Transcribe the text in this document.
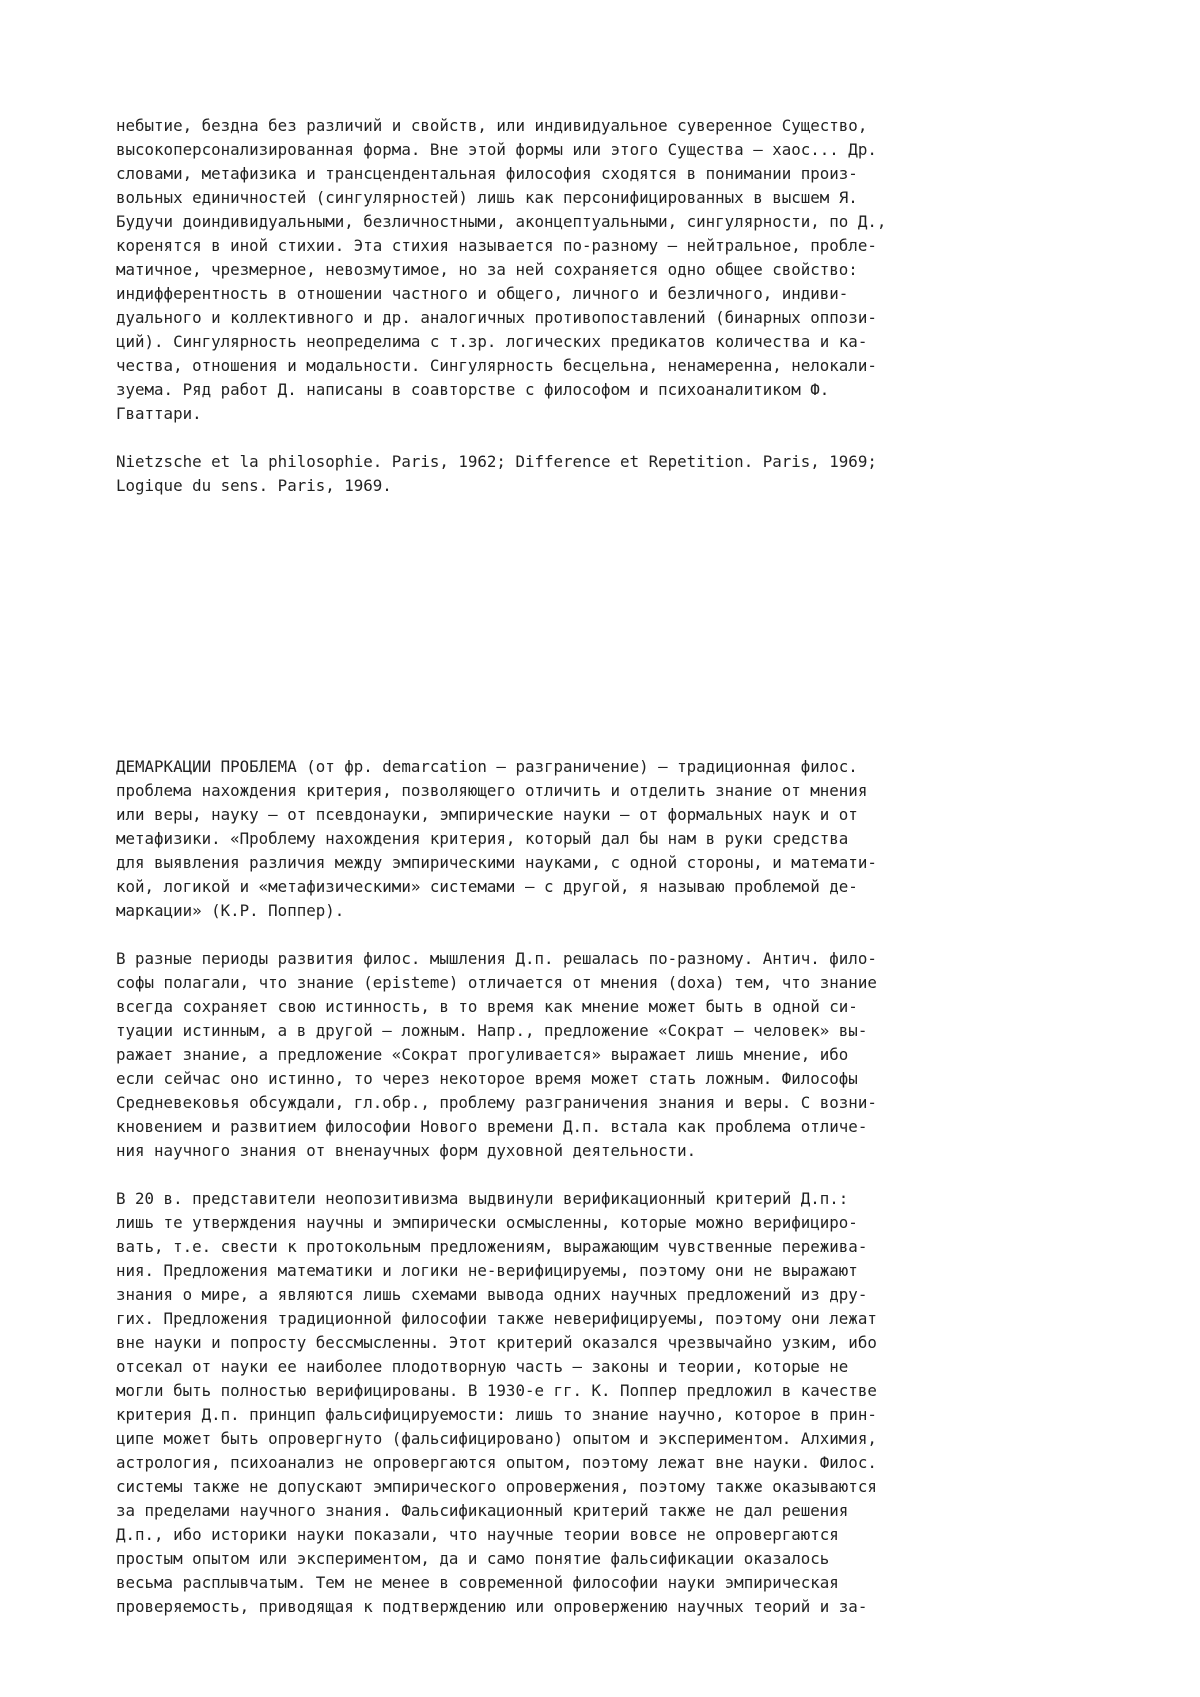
небытие, бездна без различий и свойств, или индивидуальное суверенное Существо,
высокоперсонализированная форма. Вне этой формы или этого Существа — хаос... Др.
словами, метафизика и трансцендентальная философия сходятся в понимании произ-
вольных единичностей (сингулярностей) лишь как персонифицированных в высшем Я.
Будучи доиндивидуальными, безличностными, аконцептуальными, сингулярности, по Д.,
коренятся в иной стихии. Эта стихия называется по-разному — нейтральное, пробле-
матичное, чрезмерное, невозмутимое, но за ней сохраняется одно общее свойство:
индифферентность в отношении частного и общего, личного и безличного, индиви-
дуального и коллективного и др. аналогичных противопоставлений (бинарных оппози-
ций). Сингулярность неопределима с т.зр. логических предикатов количества и ка-
чества, отношения и модальности. Сингулярность бесцельна, ненамеренна, нелокали-
зуема. Ряд работ Д. написаны в соавторстве с философом и психоаналитиком Ф.
Гваттари.
Nietzsche et la philosophie. Paris, 1962; Difference et Repetition. Paris, 1969;
Logique du sens. Paris, 1969.
ДЕМАРКАЦИИ ПРОБЛЕМА (от фр. demarcation — разграничение) — традиционная филос.
проблема нахождения критерия, позволяющего отличить и отделить знание от мнения
или веры, науку — от псевдонауки, эмпирические науки — от формальных наук и от
метафизики. «Проблему нахождения критерия, который дал бы нам в руки средства
для выявления различия между эмпирическими науками, с одной стороны, и математи-
кой, логикой и «метафизическими» системами — с другой, я называю проблемой де-
маркации» (К.Р. Поппер).
В разные периоды развития филос. мышления Д.п. решалась по-разному. Антич. фило-
софы полагали, что знание (episteme) отличается от мнения (doxa) тем, что знание
всегда сохраняет свою истинность, в то время как мнение может быть в одной си-
туации истинным, а в другой — ложным. Напр., предложение «Сократ — человек» вы-
ражает знание, а предложение «Сократ прогуливается» выражает лишь мнение, ибо
если сейчас оно истинно, то через некоторое время может стать ложным. Философы
Средневековья обсуждали, гл.обр., проблему разграничения знания и веры. С возни-
кновением и развитием философии Нового времени Д.п. встала как проблема отличе-
ния научного знания от вненаучных форм духовной деятельности.
В 20 в. представители неопозитивизма выдвинули верификационный критерий Д.п.:
лишь те утверждения научны и эмпирически осмысленны, которые можно верифициро-
вать, т.е. свести к протокольным предложениям, выражающим чувственные пережива-
ния. Предложения математики и логики не-верифицируемы, поэтому они не выражают
знания о мире, а являются лишь схемами вывода одних научных предложений из дру-
гих. Предложения традиционной философии также неверифицируемы, поэтому они лежат
вне науки и попросту бессмысленны. Этот критерий оказался чрезвычайно узким, ибо
отсекал от науки ее наиболее плодотворную часть — законы и теории, которые не
могли быть полностью верифицированы. В 1930-е гг. К. Поппер предложил в качестве
критерия Д.п. принцип фальсифицируемости: лишь то знание научно, которое в прин-
ципе может быть опровергнуто (фальсифицировано) опытом и экспериментом. Алхимия,
астрология, психоанализ не опровергаются опытом, поэтому лежат вне науки. Филос.
системы также не допускают эмпирического опровержения, поэтому также оказываются
за пределами научного знания. Фальсификационный критерий также не дал решения
Д.п., ибо историки науки показали, что научные теории вовсе не опровергаются
простым опытом или экспериментом, да и само понятие фальсификации оказалось
весьма расплывчатым. Тем не менее в современной философии науки эмпирическая
проверяемость, приводящая к подтверждению или опровержению научных теорий и за-
